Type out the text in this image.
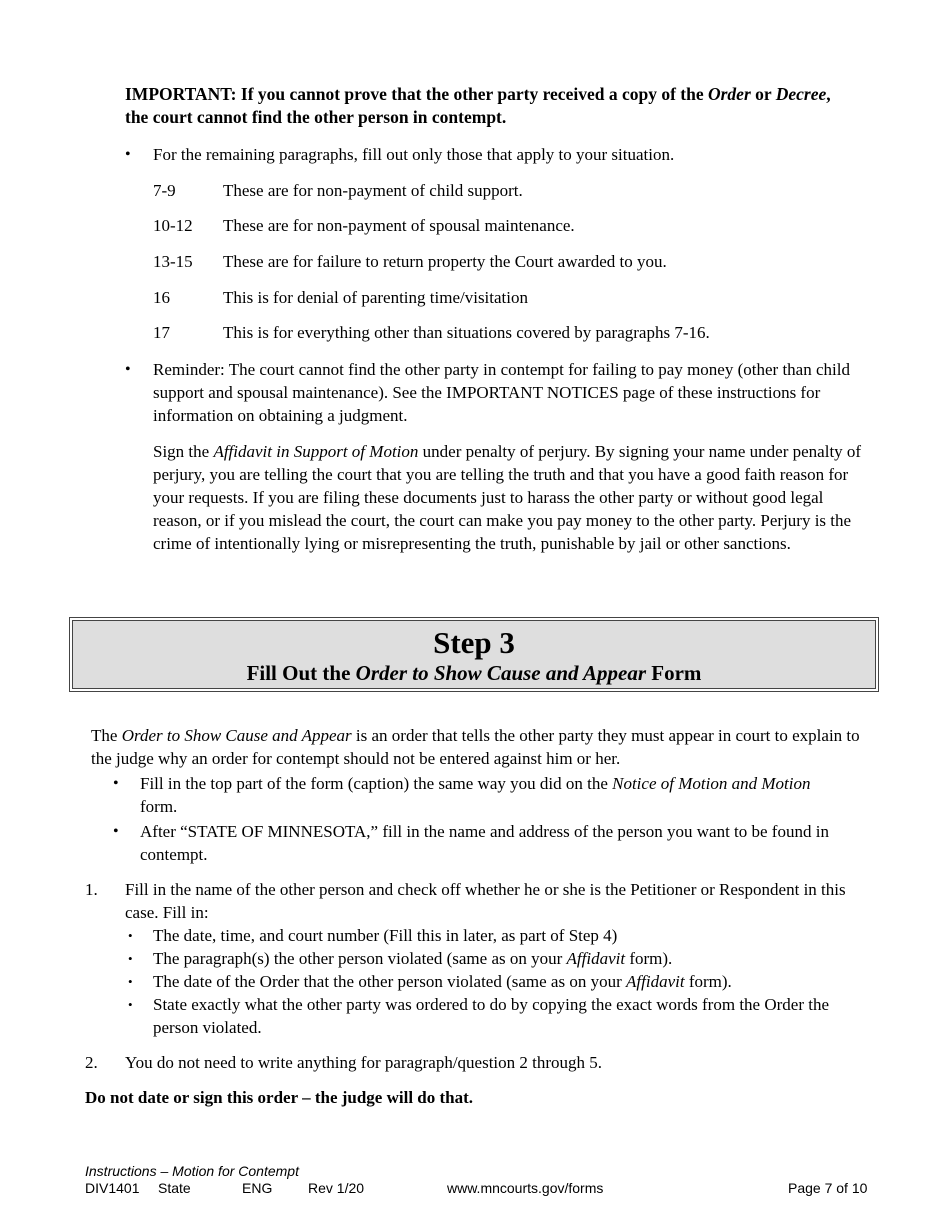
IMPORTANT: If you cannot prove that the other party received a copy of the Order or Decree, the court cannot find the other person in contempt.
• For the remaining paragraphs, fill out only those that apply to your situation.
7-9	These are for non-payment of child support.
10-12 These are for non-payment of spousal maintenance.
13-15 These are for failure to return property the Court awarded to you.
16	This is for denial of parenting time/visitation
17	This is for everything other than situations covered by paragraphs 7-16.
• Reminder: The court cannot find the other party in contempt for failing to pay money (other than child support and spousal maintenance). See the IMPORTANT NOTICES page of these instructions for information on obtaining a judgment.
Sign the Affidavit in Support of Motion under penalty of perjury. By signing your name under penalty of perjury, you are telling the court that you are telling the truth and that you have a good faith reason for your requests. If you are filing these documents just to harass the other party or without good legal reason, or if you mislead the court, the court can make you pay money to the other party. Perjury is the crime of intentionally lying or misrepresenting the truth, punishable by jail or other sanctions.
Step 3
Fill Out the Order to Show Cause and Appear Form
The Order to Show Cause and Appear is an order that tells the other party they must appear in court to explain to the judge why an order for contempt should not be entered against him or her.
• Fill in the top part of the form (caption) the same way you did on the Notice of Motion and Motion form.
• After “STATE OF MINNESOTA,” fill in the name and address of the person you want to be found in contempt.
1. Fill in the name of the other person and check off whether he or she is the Petitioner or Respondent in this case. Fill in:
• The date, time, and court number (Fill this in later, as part of Step 4)
• The paragraph(s) the other person violated (same as on your Affidavit form).
• The date of the Order that the other person violated (same as on your Affidavit form).
• State exactly what the other party was ordered to do by copying the exact words from the Order the person violated.
2. You do not need to write anything for paragraph/question 2 through 5.
Do not date or sign this order – the judge will do that.
Instructions – Motion for Contempt
DIV1401 State	ENG	Rev 1/20	www.mncourts.gov/forms	Page 7 of 10
